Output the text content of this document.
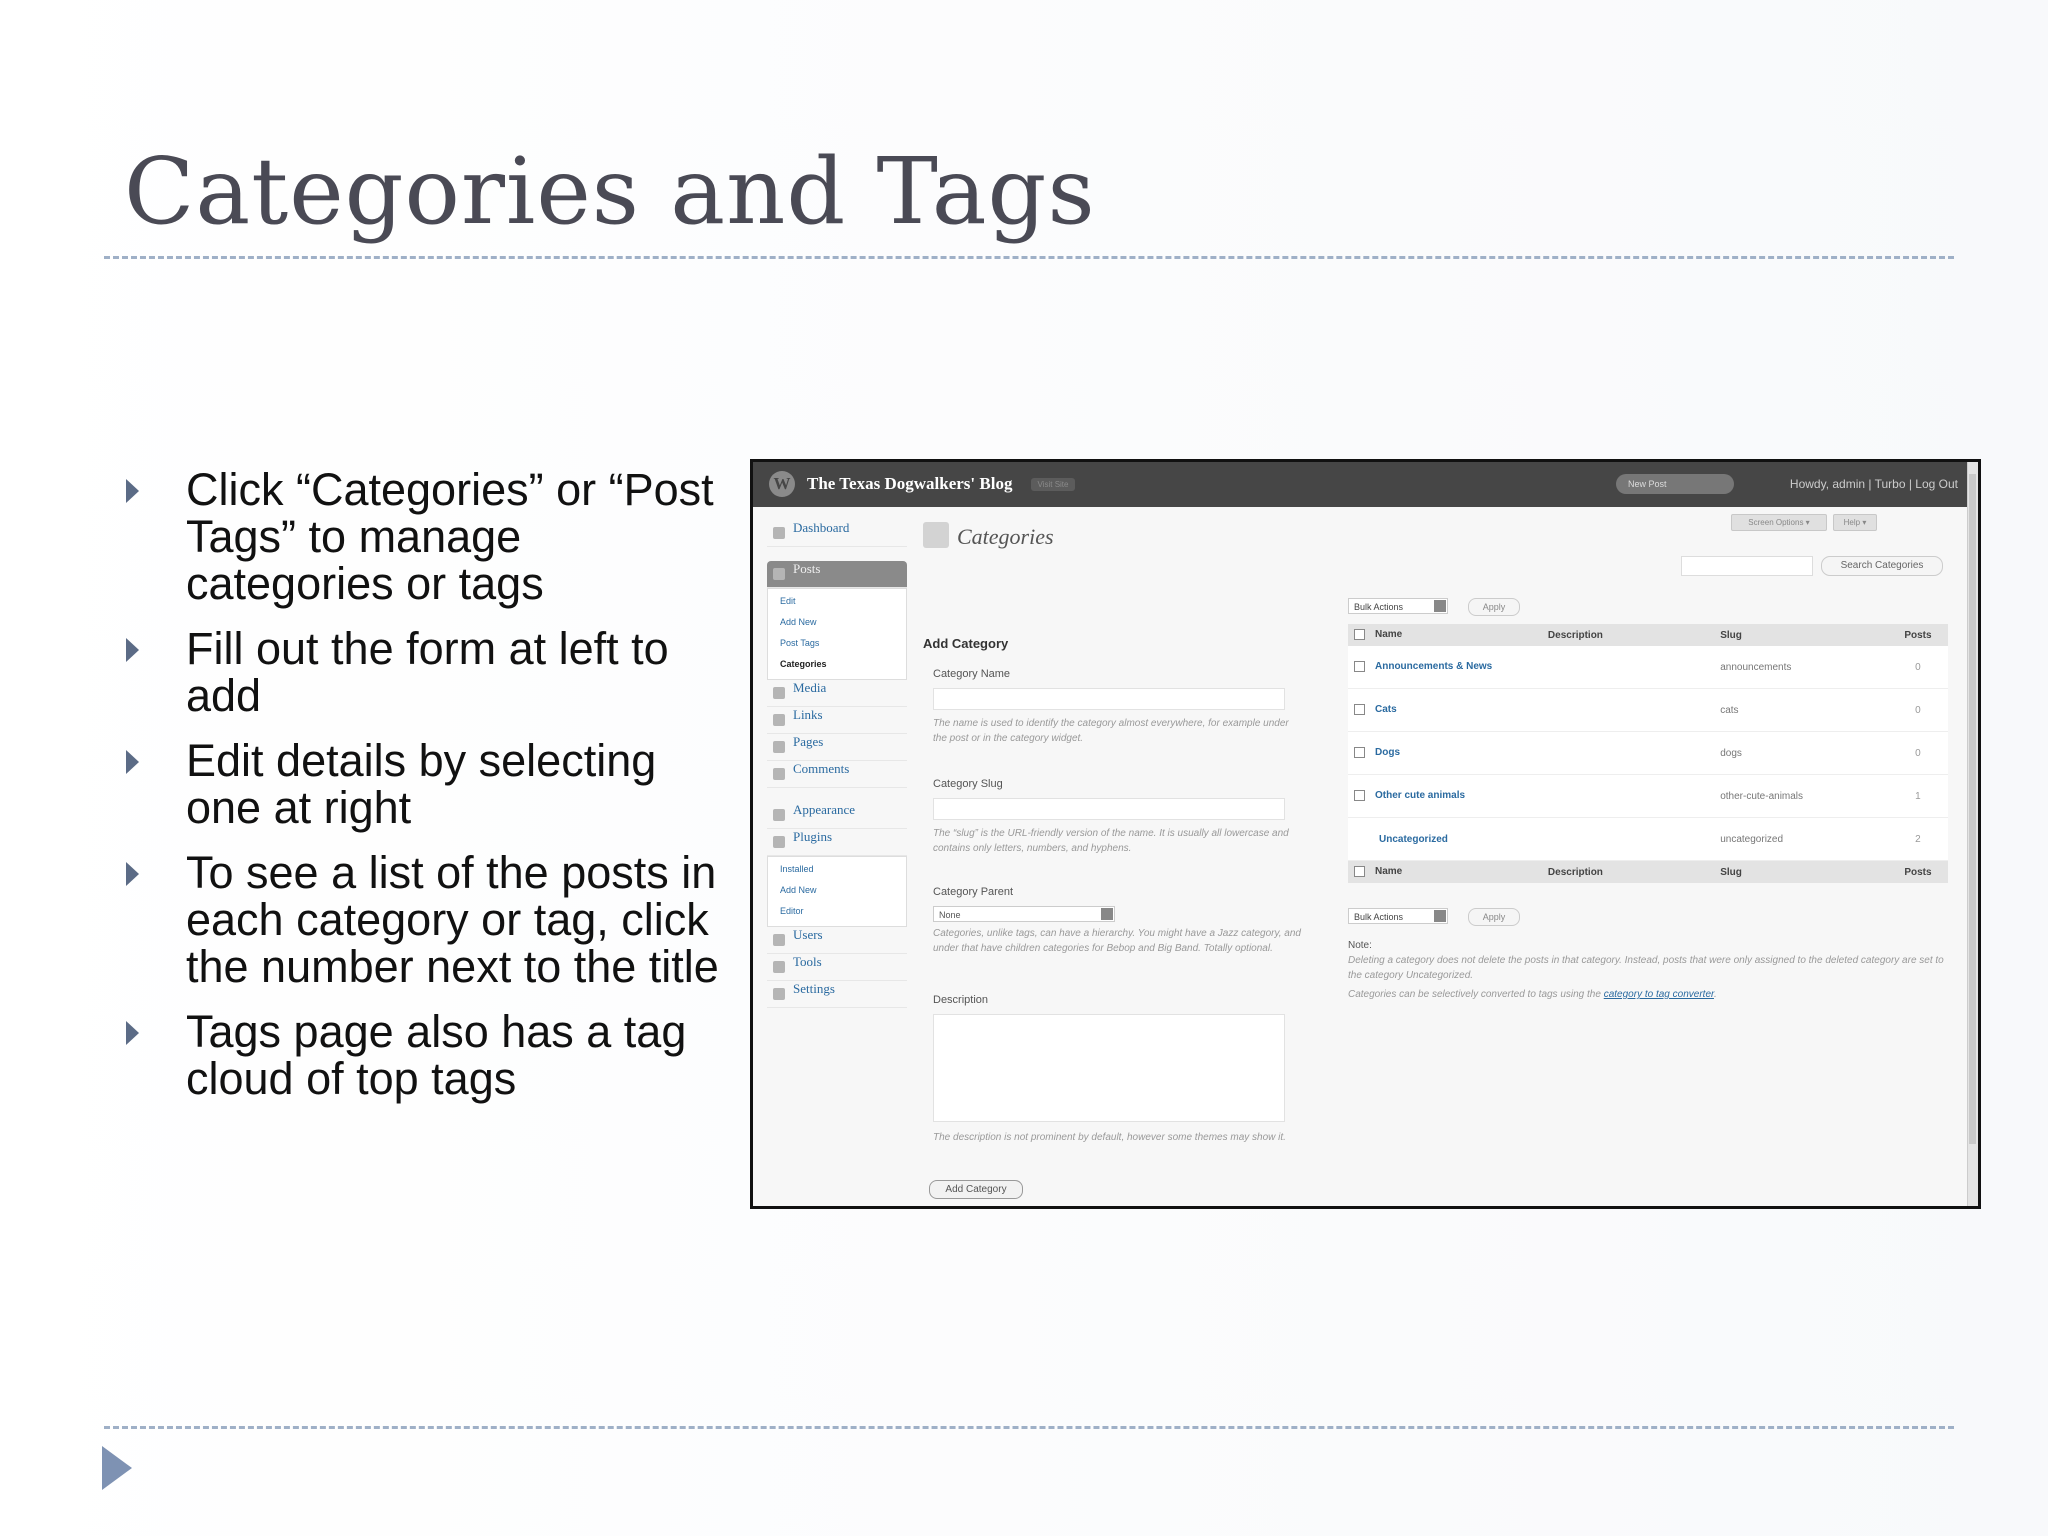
Categories and Tags
Click “Categories” or “Post Tags” to manage categories or tags
Fill out the form at left to add
Edit details by selecting one at right
To see a list of the posts in each category or tag, click the number next to the title
Tags page also has a tag cloud of top tags
W The Texas Dogwalkers' Blog	Visit Site	New Post	Howdy, admin | Turbo | Log Out
Dashboard
Posts
Edit
Add New
Post Tags
Categories
Media
Links
Pages
Comments
Appearance
Plugins
Installed
Add New
Editor
Users
Tools
Settings
Screen Options ▾	Help ▾
Categories
Search Categories
Add Category
Category Name
The name is used to identify the category almost everywhere, for example under the post or in the category widget.
Category Slug
The “slug” is the URL-friendly version of the name. It is usually all lowercase and contains only letters, numbers, and hyphens.
Category Parent
None
Categories, unlike tags, can have a hierarchy. You might have a Jazz category, and under that have children categories for Bebop and Big Band. Totally optional.
Description
The description is not prominent by default, however some themes may show it.
Add Category
Bulk Actions	Apply
Name	Description	Slug	Posts
Announcements & News		announcements	0
Cats		cats	0
Dogs		dogs	0
Other cute animals		other-cute-animals	1
Uncategorized		uncategorized	2
Name	Description	Slug	Posts
Bulk Actions	Apply
Note:
Deleting a category does not delete the posts in that category. Instead, posts that were only assigned to the deleted category are set to the category Uncategorized.
Categories can be selectively converted to tags using the category to tag converter.
